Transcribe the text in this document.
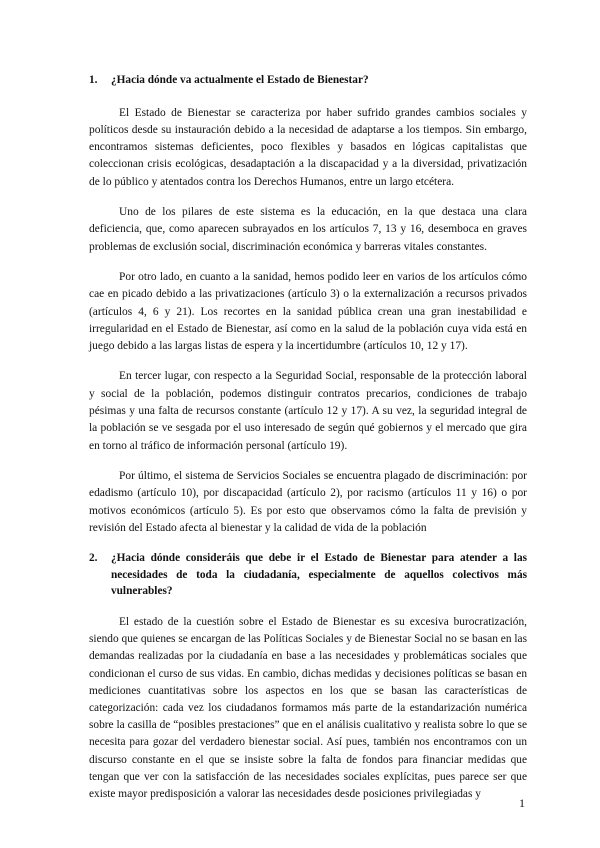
1.	¿Hacia dónde va actualmente el Estado de Bienestar?

El Estado de Bienestar se caracteriza por haber sufrido grandes cambios sociales y políticos desde su instauración debido a la necesidad de adaptarse a los tiempos. Sin embargo, encontramos sistemas deficientes, poco flexibles y basados en lógicas capitalistas que coleccionan crisis ecológicas, desadaptación a la discapacidad y a la diversidad, privatización de lo público y atentados contra los Derechos Humanos, entre un largo etcétera.

Uno de los pilares de este sistema es la educación, en la que destaca una clara deficiencia, que, como aparecen subrayados en los artículos 7, 13 y 16, desemboca en graves problemas de exclusión social, discriminación económica y barreras vitales constantes.

Por otro lado, en cuanto a la sanidad, hemos podido leer en varios de los artículos cómo cae en picado debido a las privatizaciones (artículo 3) o la externalización a recursos privados (artículos 4, 6 y 21). Los recortes en la sanidad pública crean una gran inestabilidad e irregularidad en el Estado de Bienestar, así como en la salud de la población cuya vida está en juego debido a las largas listas de espera y la incertidumbre (artículos 10, 12 y 17).

En tercer lugar, con respecto a la Seguridad Social, responsable de la protección laboral y social de la población, podemos distinguir contratos precarios, condiciones de trabajo pésimas y una falta de recursos constante (artículo 12 y 17). A su vez, la seguridad integral de la población se ve sesgada por el uso interesado de según qué gobiernos y el mercado que gira en torno al tráfico de información personal (artículo 19).

Por último, el sistema de Servicios Sociales se encuentra plagado de discriminación: por edadismo (artículo 10), por discapacidad (artículo 2), por racismo (artículos 11 y 16) o por motivos económicos (artículo 5). Es por esto que observamos cómo la falta de previsión y revisión del Estado afecta al bienestar y la calidad de vida de la población

2.	¿Hacia dónde consideráis que debe ir el Estado de Bienestar para atender a las necesidades de toda la ciudadanía, especialmente de aquellos colectivos más vulnerables?

El estado de la cuestión sobre el Estado de Bienestar es su excesiva burocratización, siendo que quienes se encargan de las Políticas Sociales y de Bienestar Social no se basan en las demandas realizadas por la ciudadanía en base a las necesidades y problemáticas sociales que condicionan el curso de sus vidas. En cambio, dichas medidas y decisiones políticas se basan en mediciones cuantitativas sobre los aspectos en los que se basan las características de categorización: cada vez los ciudadanos formamos más parte de la estandarización numérica sobre la casilla de “posibles prestaciones” que en el análisis cualitativo y realista sobre lo que se necesita para gozar del verdadero bienestar social. Así pues, también nos encontramos con un discurso constante en el que se insiste sobre la falta de fondos para financiar medidas que tengan que ver con la satisfacción de las necesidades sociales explícitas, pues parece ser que existe mayor predisposición a valorar las necesidades desde posiciones privilegiadas y

1
